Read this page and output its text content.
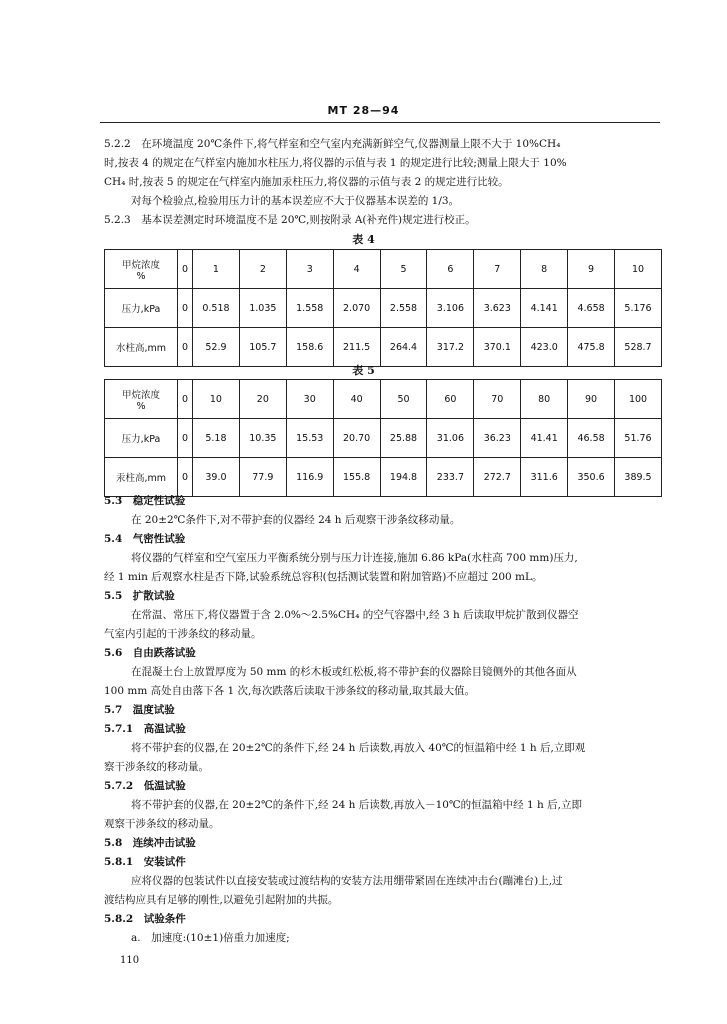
MT 28—94
5.2.2　在环境温度 20℃条件下,将气样室和空气室内充满新鲜空气,仪器测量上限不大于 10%CH₄
时,按表 4 的规定在气样室内施加水柱压力,将仪器的示值与表 1 的规定进行比较;测量上限大于 10%
CH₄ 时,按表 5 的规定在气样室内施加汞柱压力,将仪器的示值与表 2 的规定进行比较。
对每个检验点,检验用压力计的基本误差应不大于仪器基本误差的 1/3。
5.2.3　基本误差测定时环境温度不是 20℃,则按附录 A(补充件)规定进行校正。
表 4
甲烷浓度
%	0	1	2	3	4	5	6	7	8	9	10
压力,kPa	0	0.518	1.035	1.558	2.070	2.558	3.106	3.623	4.141	4.658	5.176
水柱高,mm	0	52.9	105.7	158.6	211.5	264.4	317.2	370.1	423.0	475.8	528.7
表 5
甲烷浓度
%	0	10	20	30	40	50	60	70	80	90	100
压力,kPa	0	5.18	10.35	15.53	20.70	25.88	31.06	36.23	41.41	46.58	51.76
汞柱高,mm	0	39.0	77.9	116.9	155.8	194.8	233.7	272.7	311.6	350.6	389.5
5.3　稳定性试验
在 20±2℃条件下,对不带护套的仪器经 24 h 后观察干涉条纹移动量。
5.4　气密性试验
将仪器的气样室和空气室压力平衡系统分别与压力计连接,施加 6.86 kPa(水柱高 700 mm)压力,
经 1 min 后观察水柱是否下降,试验系统总容积(包括测试装置和附加管路)不应超过 200 mL。
5.5　扩散试验
在常温、常压下,将仪器置于含 2.0%～2.5%CH₄ 的空气容器中,经 3 h 后读取甲烷扩散到仪器空
气室内引起的干涉条纹的移动量。
5.6　自由跌落试验
在混凝土台上放置厚度为 50 mm 的杉木板或红松板,将不带护套的仪器除目镜侧外的其他各面从
100 mm 高处自由落下各 1 次,每次跌落后读取干涉条纹的移动量,取其最大值。
5.7　温度试验
5.7.1　高温试验
将不带护套的仪器,在 20±2℃的条件下,经 24 h 后读数,再放入 40℃的恒温箱中经 1 h 后,立即观
察干涉条纹的移动量。
5.7.2　低温试验
将不带护套的仪器,在 20±2℃的条件下,经 24 h 后读数,再放入－10℃的恒温箱中经 1 h 后,立即
观察干涉条纹的移动量。
5.8　连续冲击试验
5.8.1　安装试件
应将仪器的包装试件以直接安装或过渡结构的安装方法用绷带紧固在连续冲击台(蹦滩台)上,过
渡结构应具有足够的刚性,以避免引起附加的共振。
5.8.2　试验条件
a.　加速度:(10±1)倍重力加速度;
110
